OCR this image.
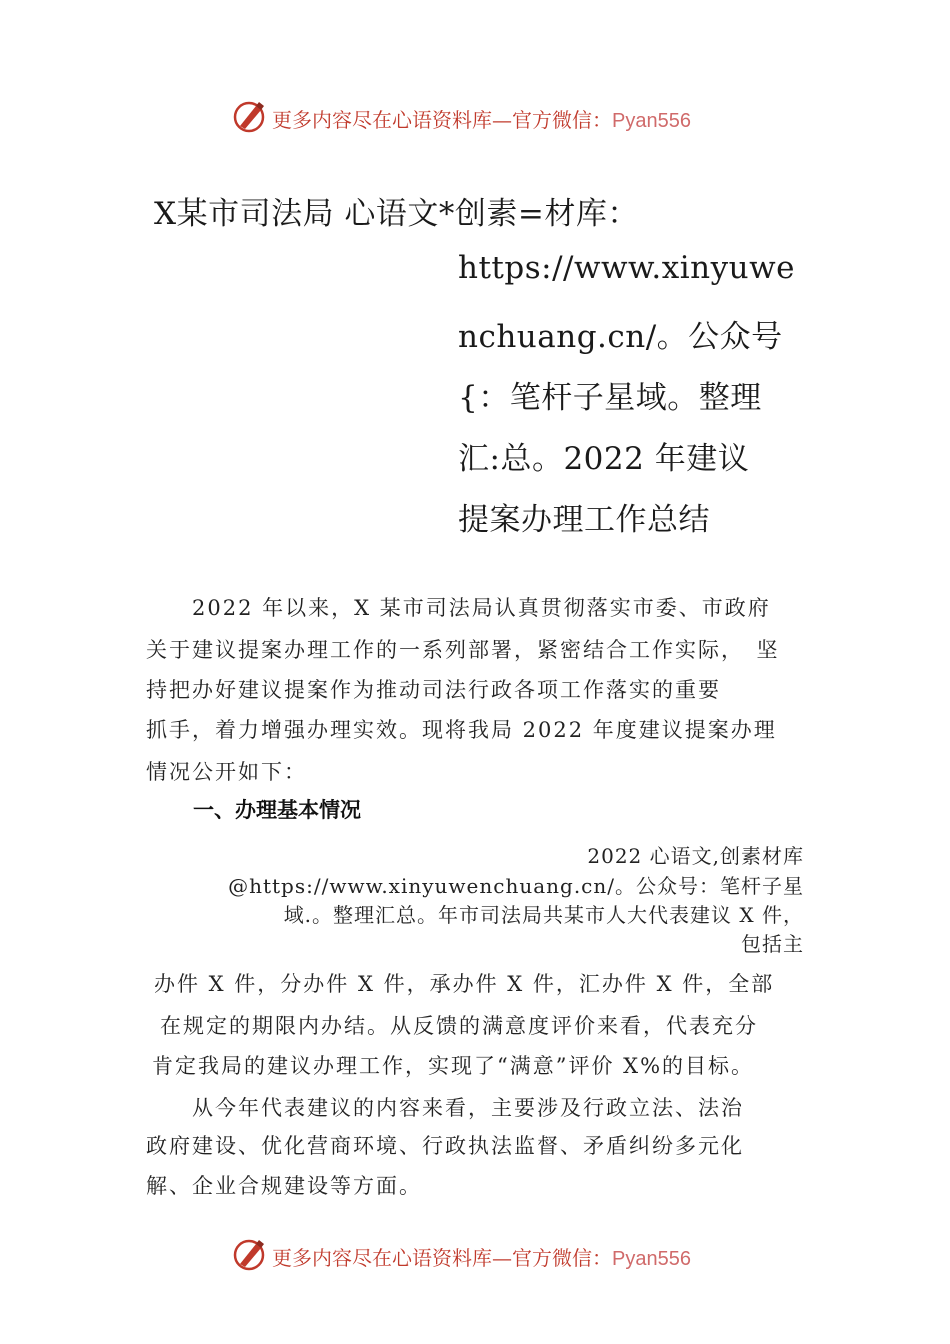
更多内容尽在心语资料库—官方微信：Pyan556
X某市司法局 心语文*创素=材库：
https://www.xinyuwe
nchuang.cn/。公众号
{：笔杆子星域。整理
汇:总。2022 年建议
提案办理工作总结
　　2022 年以来，X 某市司法局认真贯彻落实市委、市政府
关于建议提案办理工作的一系列部署，紧密结合工作实际，　坚
持把办好建议提案作为推动司法行政各项工作落实的重要
抓手，着力增强办理实效。现将我局 2022 年度建议提案办理
情况公开如下：
一、办理基本情况
2022 心语文,创素材库
@https://www.xinyuwenchuang.cn/。公众号：笔杆子星
域.。整理汇总。年市司法局共某市人大代表建议 X 件，
包括主
办件 X 件，分办件 X 件，承办件 X 件，汇办件 X 件，全部
在规定的期限内办结。从反馈的满意度评价来看，代表充分
肯定我局的建议办理工作，实现了“满意”评价 X%的目标。
　　从今年代表建议的内容来看，主要涉及行政立法、法治
政府建设、优化营商环境、行政执法监督、矛盾纠纷多元化
解、企业合规建设等方面。
更多内容尽在心语资料库—官方微信：Pyan556
